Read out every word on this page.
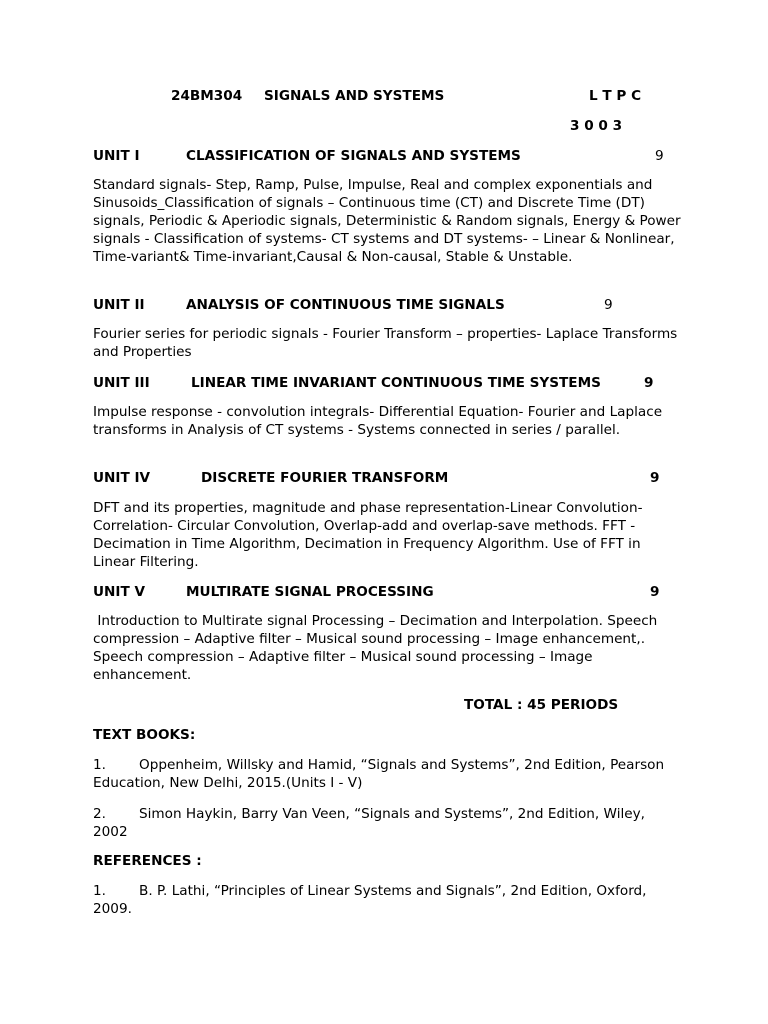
24BM304 SIGNALS AND SYSTEMS	L T P C
3 0 0 3
UNIT I	CLASSIFICATION OF SIGNALS AND SYSTEMS	9
Standard signals- Step, Ramp, Pulse, Impulse, Real and complex exponentials and Sinusoids_Classification of signals – Continuous time (CT) and Discrete Time (DT) signals, Periodic & Aperiodic signals, Deterministic & Random signals, Energy & Power signals - Classification of systems- CT systems and DT systems- – Linear & Nonlinear, Time-variant& Time-invariant,Causal & Non-causal, Stable & Unstable.
UNIT II	ANALYSIS OF CONTINUOUS TIME SIGNALS	9
Fourier series for periodic signals - Fourier Transform – properties- Laplace Transforms and Properties
UNIT III	LINEAR TIME INVARIANT CONTINUOUS TIME SYSTEMS	9
Impulse response - convolution integrals- Differential Equation- Fourier and Laplace transforms in Analysis of CT systems - Systems connected in series / parallel.
UNIT IV	DISCRETE FOURIER TRANSFORM	9
DFT and its properties, magnitude and phase representation-Linear Convolution- Correlation- Circular Convolution, Overlap-add and overlap-save methods. FFT - Decimation in Time Algorithm, Decimation in Frequency Algorithm. Use of FFT in Linear Filtering.
UNIT V	MULTIRATE SIGNAL PROCESSING	9
Introduction to Multirate signal Processing – Decimation and Interpolation. Speech compression – Adaptive filter – Musical sound processing – Image enhancement,. Speech compression – Adaptive filter – Musical sound processing – Image enhancement.
TOTAL : 45 PERIODS
TEXT BOOKS:
1.	Oppenheim, Willsky and Hamid, “Signals and Systems”, 2nd Edition, Pearson Education, New Delhi, 2015.(Units I - V)
2.	Simon Haykin, Barry Van Veen, “Signals and Systems”, 2nd Edition, Wiley, 2002
REFERENCES :
1.	B. P. Lathi, “Principles of Linear Systems and Signals”, 2nd Edition, Oxford, 2009.
